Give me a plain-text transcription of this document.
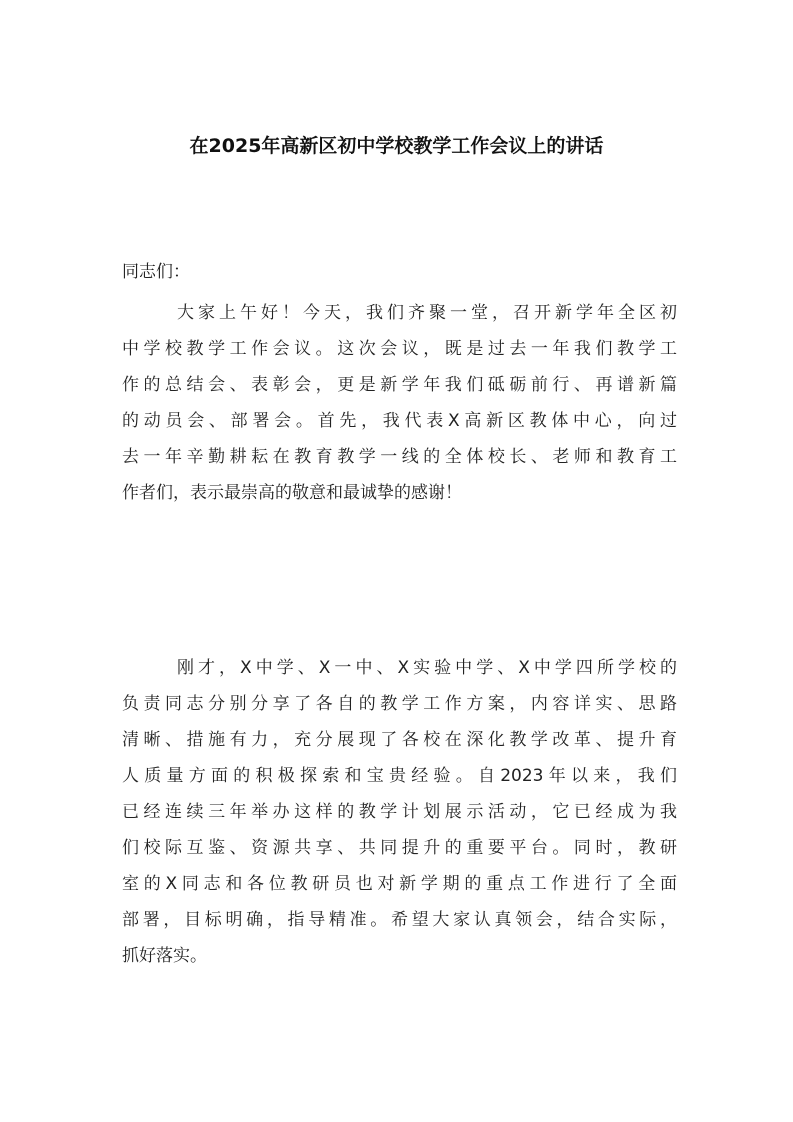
在2025年高新区初中学校教学工作会议上的讲话
同志们：
大家上午好！今天，我们齐聚一堂，召开新学年全区初
中学校教学工作会议。这次会议，既是过去一年我们教学工
作的总结会、表彰会，更是新学年我们砥砺前行、再谱新篇
的动员会、部署会。首先，我代表X高新区教体中心，向过
去一年辛勤耕耘在教育教学一线的全体校长、老师和教育工
作者们，表示最崇高的敬意和最诚挚的感谢！
刚才，X中学、X一中、X实验中学、X中学四所学校的
负责同志分别分享了各自的教学工作方案，内容详实、思路
清晰、措施有力，充分展现了各校在深化教学改革、提升育
人质量方面的积极探索和宝贵经验。自2023年以来，我们
已经连续三年举办这样的教学计划展示活动，它已经成为我
们校际互鉴、资源共享、共同提升的重要平台。同时，教研
室的X同志和各位教研员也对新学期的重点工作进行了全面
部署，目标明确，指导精准。希望大家认真领会，结合实际，
抓好落实。
